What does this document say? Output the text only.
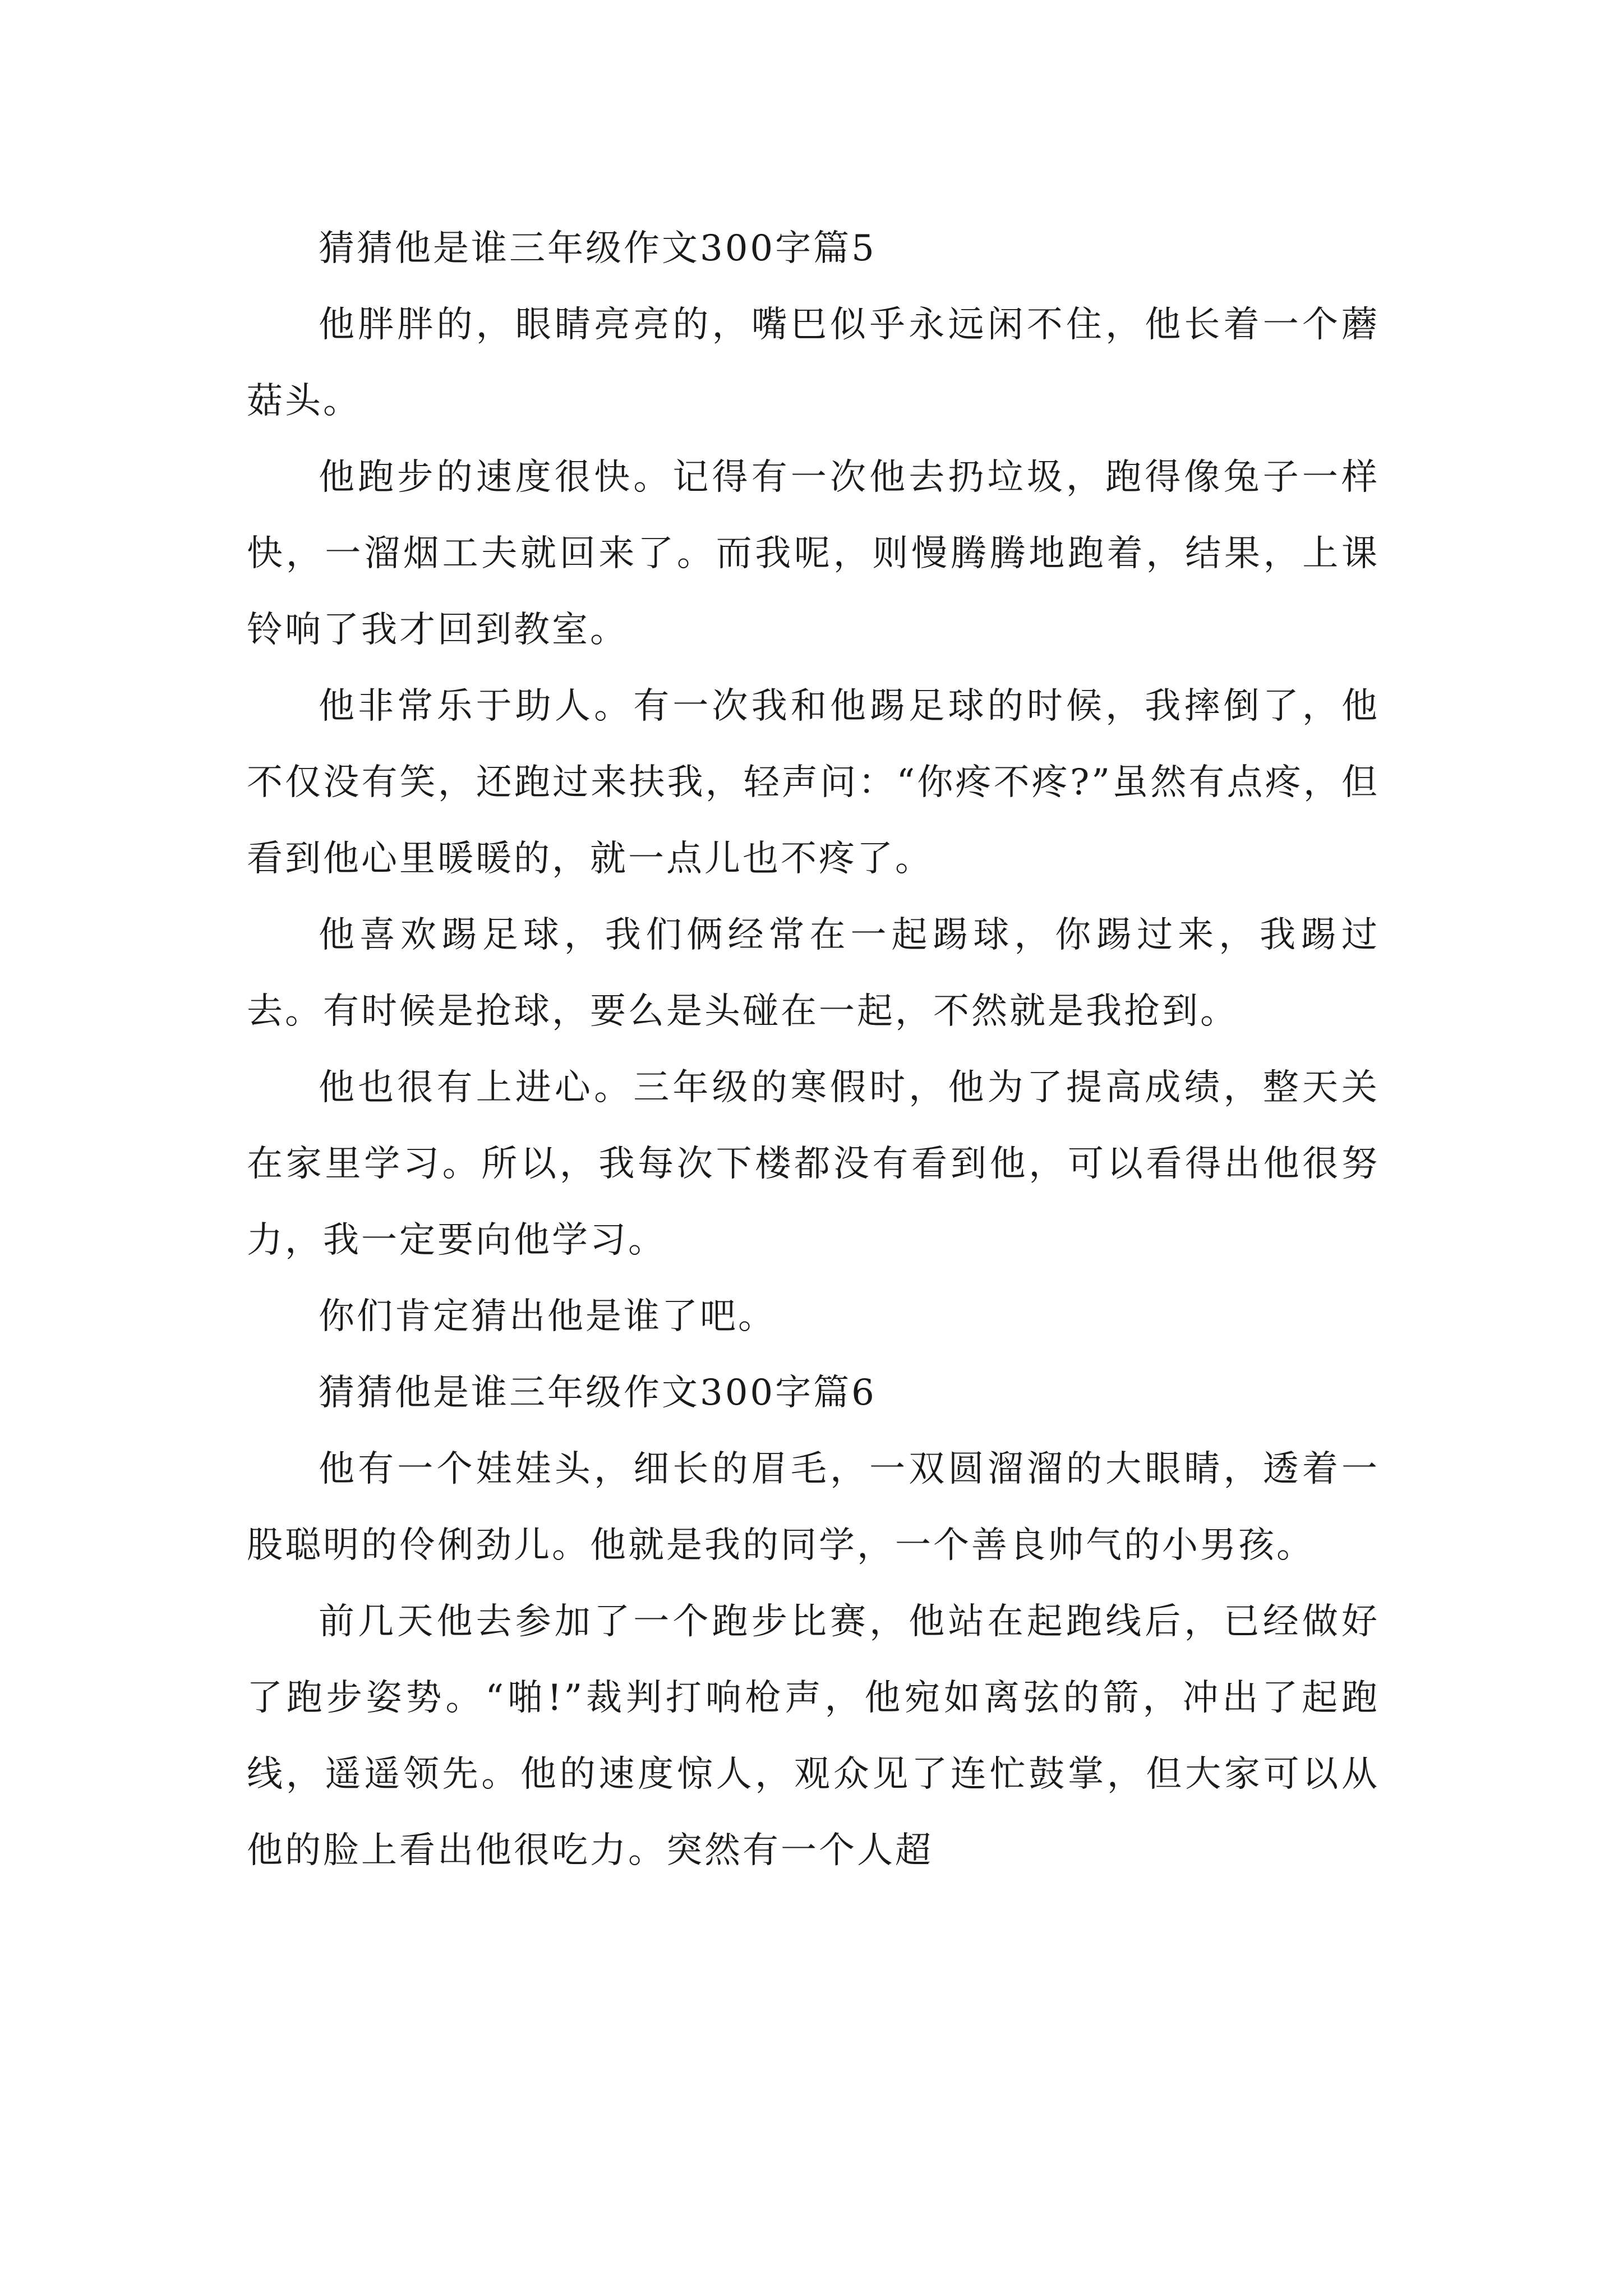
猜猜他是谁三年级作文300字篇5

他胖胖的，眼睛亮亮的，嘴巴似乎永远闲不住，他长着一个蘑菇头。

他跑步的速度很快。记得有一次他去扔垃圾，跑得像兔子一样快，一溜烟工夫就回来了。而我呢，则慢腾腾地跑着，结果，上课铃响了我才回到教室。

他非常乐于助人。有一次我和他踢足球的时候，我摔倒了，他不仅没有笑，还跑过来扶我，轻声问：“你疼不疼?”虽然有点疼，但看到他心里暖暖的，就一点儿也不疼了。

他喜欢踢足球，我们俩经常在一起踢球，你踢过来，我踢过去。有时候是抢球，要么是头碰在一起，不然就是我抢到。

他也很有上进心。三年级的寒假时，他为了提高成绩，整天关在家里学习。所以，我每次下楼都没有看到他，可以看得出他很努力，我一定要向他学习。

你们肯定猜出他是谁了吧。

猜猜他是谁三年级作文300字篇6

他有一个娃娃头，细长的眉毛，一双圆溜溜的大眼睛，透着一股聪明的伶俐劲儿。他就是我的同学，一个善良帅气的小男孩。

前几天他去参加了一个跑步比赛，他站在起跑线后，已经做好了跑步姿势。“啪!”裁判打响枪声，他宛如离弦的箭，冲出了起跑线，遥遥领先。他的速度惊人，观众见了连忙鼓掌，但大家可以从他的脸上看出他很吃力。突然有一个人超
